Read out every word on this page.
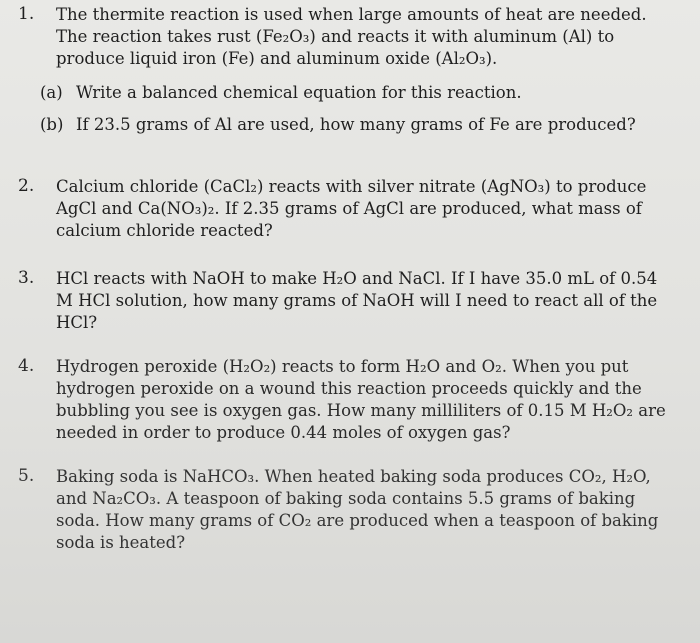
1. The thermite reaction is used when large amounts of heat are needed. The reaction takes rust (Fe₂O₃) and reacts it with aluminum (Al) to produce liquid iron (Fe) and aluminum oxide (Al₂O₃).
(a) Write a balanced chemical equation for this reaction.
(b) If 23.5 grams of Al are used, how many grams of Fe are produced?
2. Calcium chloride (CaCl₂) reacts with silver nitrate (AgNO₃) to produce AgCl and Ca(NO₃)₂. If 2.35 grams of AgCl are produced, what mass of calcium chloride reacted?
3. HCl reacts with NaOH to make H₂O and NaCl. If I have 35.0 mL of 0.54 M HCl solution, how many grams of NaOH will I need to react all of the HCl?
4. Hydrogen peroxide (H₂O₂) reacts to form H₂O and O₂. When you put hydrogen peroxide on a wound this reaction proceeds quickly and the bubbling you see is oxygen gas. How many milliliters of 0.15 M H₂O₂ are needed in order to produce 0.44 moles of oxygen gas?
5. Baking soda is NaHCO₃. When heated baking soda produces CO₂, H₂O, and Na₂CO₃. A teaspoon of baking soda contains 5.5 grams of baking soda. How many grams of CO₂ are produced when a teaspoon of baking soda is heated?
